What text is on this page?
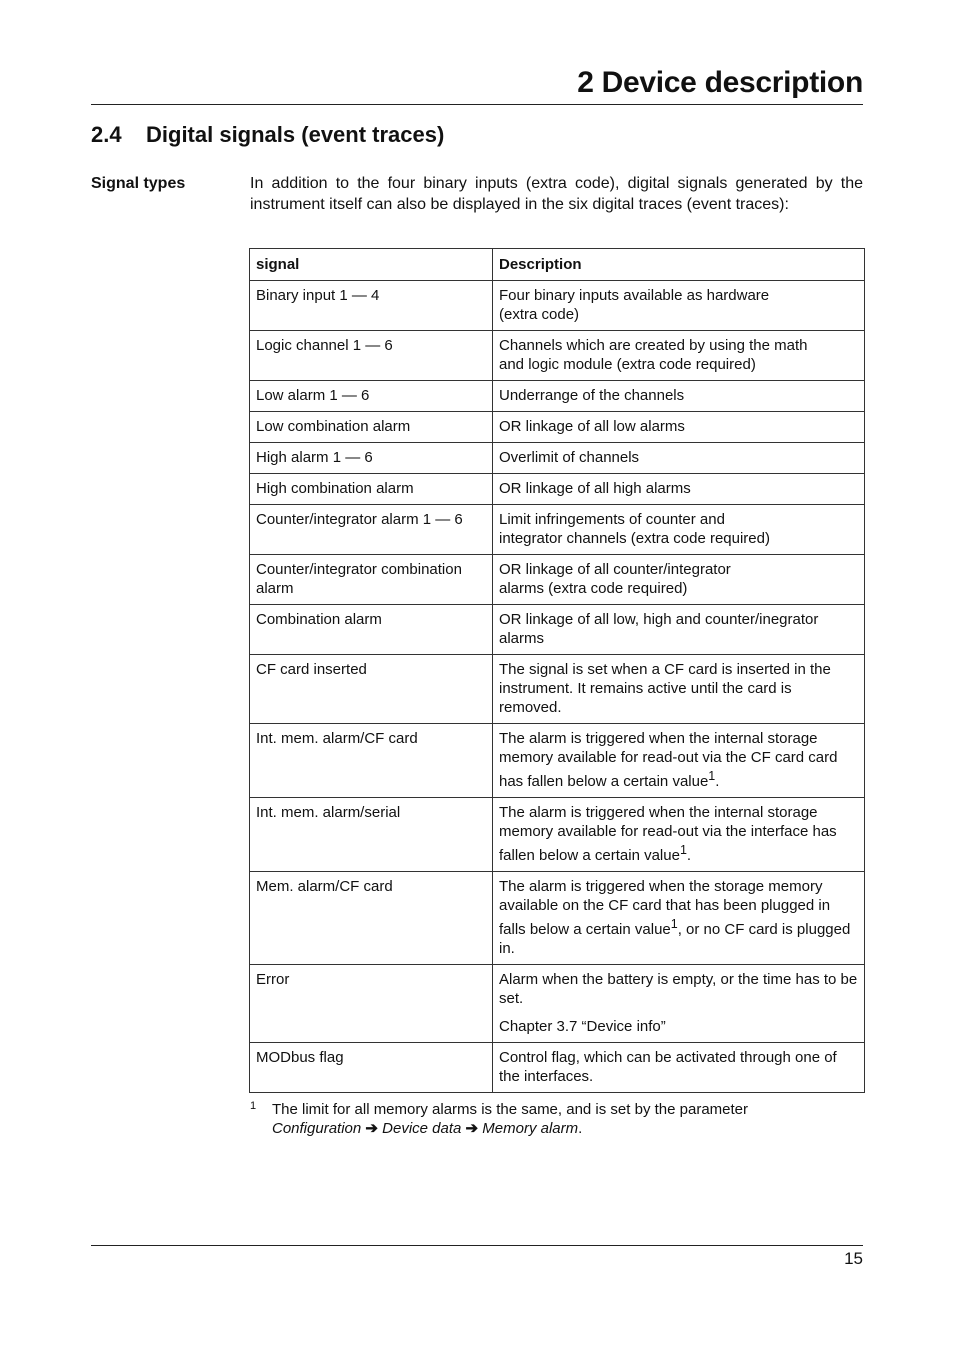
2 Device description
2.4 Digital signals (event traces)
Signal types	In addition to the four binary inputs (extra code), digital signals generated by the instrument itself can also be displayed in the six digital traces (event traces):

signal	Description
Binary input 1 — 4	Four binary inputs available as hardware
(extra code)
Logic channel 1 — 6	Channels which are created by using the math
and logic module (extra code required)
Low alarm 1 — 6	Underrange of the channels
Low combination alarm	OR linkage of all low alarms
High alarm 1 — 6	Overlimit of channels
High combination alarm	OR linkage of all high alarms
Counter/integrator alarm 1 — 6	Limit infringements of counter and
integrator channels (extra code required)
Counter/integrator combination alarm	OR linkage of all counter/integrator
alarms (extra code required)
Combination alarm	OR linkage of all low, high and counter/inegrator alarms
CF card inserted	The signal is set when a CF card is inserted in the instrument. It remains active until the card is removed.
Int. mem. alarm/CF card	The alarm is triggered when the internal storage memory available for read-out via the CF card card has fallen below a certain value$^1$.
Int. mem. alarm/serial	The alarm is triggered when the internal storage memory available for read-out via the interface has fallen below a certain value$^1$.
Mem. alarm/CF card	The alarm is triggered when the storage memory available on the CF card that has been plugged in falls below a certain value$^1$, or no CF card is plugged in.
Error	Alarm when the battery is empty, or the time has to be set.
Chapter 3.7 “Device info”

MODbus flag	Control flag, which can be activated through one of the interfaces.
1 The limit for all memory alarms is the same, and is set by the parameter
Configuration ➔ Device data ➔ Memory alarm.
15
